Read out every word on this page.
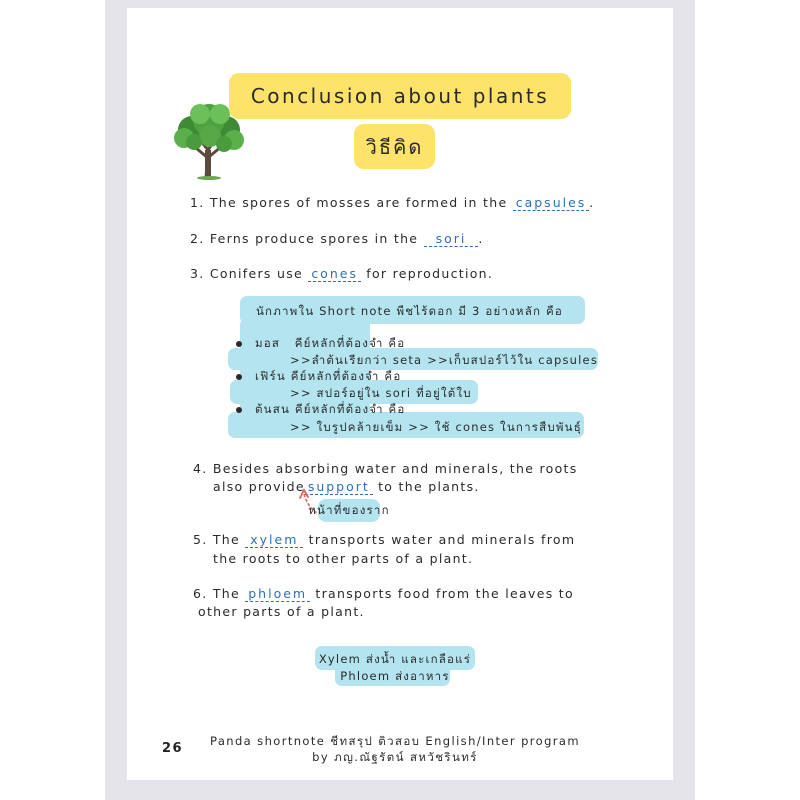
Conclusion about plants
วิธีคิด
1. The spores of mosses are formed in the capsules .
2. Ferns produce spores in the sori .
3. Conifers use cones for reproduction.
นักภาพใน Short note พืชไร้ดอก มี 3 อย่างหลัก คือ
มอส คีย์หลักที่ต้องจำ คือ
>>ลำต้นเรียกว่า seta >>เก็บสปอร์ไว้ใน capsules
เฟิร์น คีย์หลักที่ต้องจำ คือ
>> สปอร์อยู่ใน sori ที่อยู่ใต้ใบ
ต้นสน คีย์หลักที่ต้องจำ คือ
>> ใบรูปคล้ายเข็ม >> ใช้ cones ในการสืบพันธุ์
4. Besides absorbing water and minerals, the roots
also provide support to the plants.
หน้าที่ของราก
5. The xylem transports water and minerals from
the roots to other parts of a plant.
6. The phloem transports food from the leaves to
other parts of a plant.
Xylem ส่งน้ำ และเกลือแร่
Phloem ส่งอาหาร
26	Panda shortnote ชีทสรุป ติวสอบ English/Inter program
by ภญ.ณัฐรัตน์ สหวัชรินทร์
